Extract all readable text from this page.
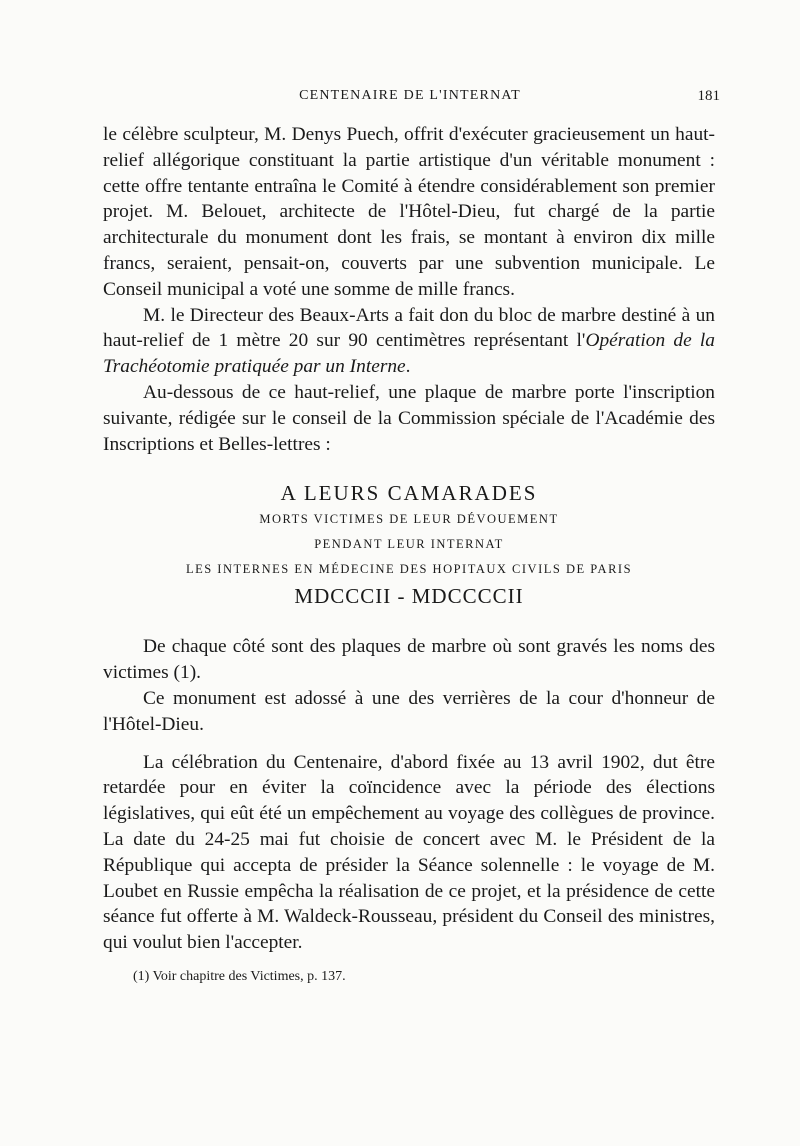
CENTENAIRE DE L'INTERNAT	181

le célèbre sculpteur, M. Denys Puech, offrit d'exécuter gracieusement un haut-relief allégorique constituant la partie artistique d'un véritable monument : cette offre tentante entraîna le Comité à étendre considérablement son premier projet. M. Belouet, architecte de l'Hôtel-Dieu, fut chargé de la partie architecturale du monument dont les frais, se montant à environ dix mille francs, seraient, pensait-on, couverts par une subvention municipale. Le Conseil municipal a voté une somme de mille francs.

M. le Directeur des Beaux-Arts a fait don du bloc de marbre destiné à un haut-relief de 1 mètre 20 sur 90 centimètres représentant l'Opération de la Trachéotomie pratiquée par un Interne.

Au-dessous de ce haut-relief, une plaque de marbre porte l'inscription suivante, rédigée sur le conseil de la Commission spéciale de l'Académie des Inscriptions et Belles-lettres :

A LEURS CAMARADES
MORTS VICTIMES DE LEUR DÉVOUEMENT
PENDANT LEUR INTERNAT
LES INTERNES EN MÉDECINE DES HOPITAUX CIVILS DE PARIS
MDCCCII - MDCCCCII

De chaque côté sont des plaques de marbre où sont gravés les noms des victimes (1).

Ce monument est adossé à une des verrières de la cour d'honneur de l'Hôtel-Dieu.

La célébration du Centenaire, d'abord fixée au 13 avril 1902, dut être retardée pour en éviter la coïncidence avec la période des élections législatives, qui eût été un empêchement au voyage des collègues de province. La date du 24-25 mai fut choisie de concert avec M. le Président de la République qui accepta de présider la Séance solennelle : le voyage de M. Loubet en Russie empêcha la réalisation de ce projet, et la présidence de cette séance fut offerte à M. Waldeck-Rousseau, président du Conseil des ministres, qui voulut bien l'accepter.

(1) Voir chapitre des Victimes, p. 137.
